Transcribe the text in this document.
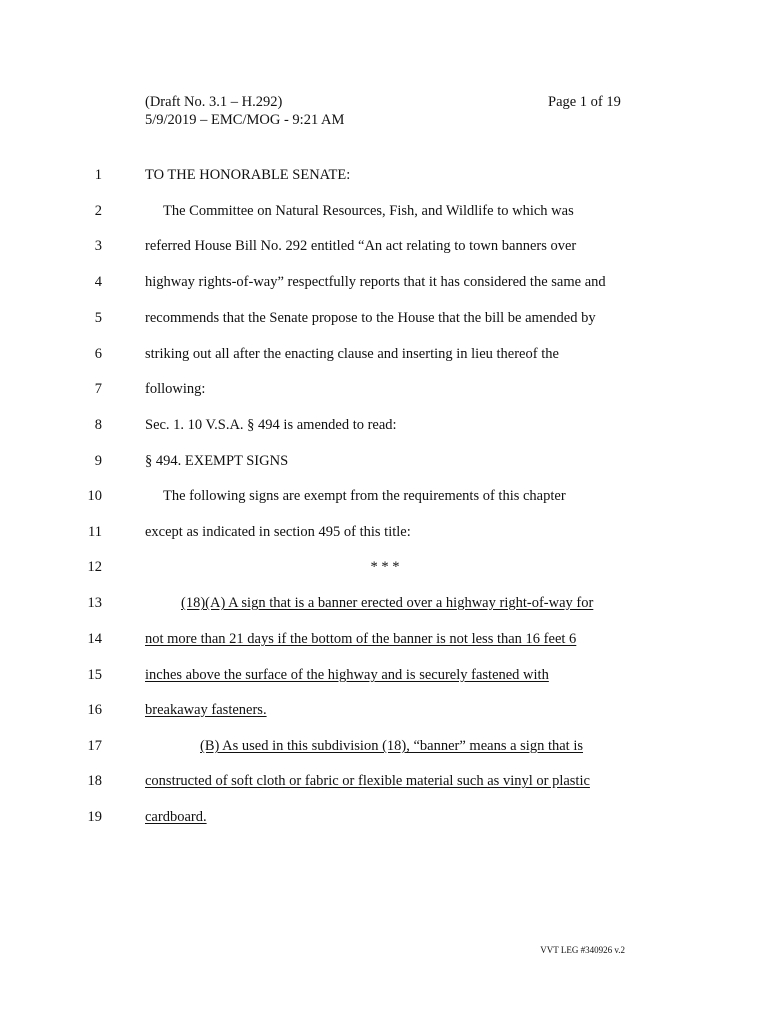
(Draft No. 3.1 – H.292)
5/9/2019 – EMC/MOG - 9:21 AM
Page 1 of 19
1	TO THE HONORABLE SENATE:
2	The Committee on Natural Resources, Fish, and Wildlife to which was
3	referred House Bill No. 292 entitled “An act relating to town banners over
4	highway rights-of-way” respectfully reports that it has considered the same and
5	recommends that the Senate propose to the House that the bill be amended by
6	striking out all after the enacting clause and inserting in lieu thereof the
7	following:
8	Sec. 1. 10 V.S.A. § 494 is amended to read:
9	§ 494. EXEMPT SIGNS
10	The following signs are exempt from the requirements of this chapter
11	except as indicated in section 495 of this title:
12	* * *
13	(18)(A) A sign that is a banner erected over a highway right-of-way for
14	not more than 21 days if the bottom of the banner is not less than 16 feet 6
15	inches above the surface of the highway and is securely fastened with
16	breakaway fasteners.
17	(B) As used in this subdivision (18), “banner” means a sign that is
18	constructed of soft cloth or fabric or flexible material such as vinyl or plastic
19	cardboard.
VVT LEG #340926 v.2
